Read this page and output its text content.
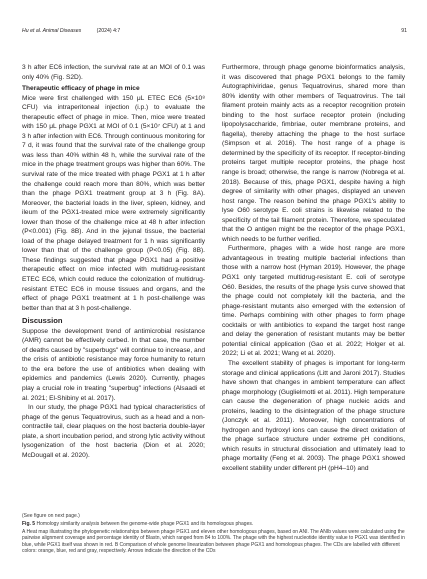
Hu et al. Animal Diseases	(2024) 4:7	91

3 h after EC6 infection, the survival rate at an MOI of 0.1 was only 40% (Fig. S2D).

Therapeutic efficacy of phage in mice

Mice were first challenged with 150 μL ETEC EC6 (5×10⁸ CFU) via intraperitoneal injection (i.p.) to evaluate the therapeutic effect of phage in mice. Then, mice were treated with 150 μL phage PGX1 at MOI of 0.1 (5×10⁷ CFU) at 1 and 3 h after infection with EC6. Through continuous monitoring for 7 d, it was found that the survival rate of the challenge group was less than 40% within 48 h, while the survival rate of the mice in the phage treatment groups was higher than 60%. The survival rate of the mice treated with phage PGX1 at 1 h after the challenge could reach more than 80%, which was better than the phage PGX1 treatment group at 3 h (Fig. 8A). Moreover, the bacterial loads in the liver, spleen, kidney, and ileum of the PGX1-treated mice were extremely significantly lower than those of the challenge mice at 48 h after infection (P<0.001) (Fig. 8B). And in the jejunal tissue, the bacterial load of the phage delayed treatment for 1 h was significantly lower than that of the challenge group (P<0.05) (Fig. 8B). These findings suggested that phage PGX1 had a positive therapeutic effect on mice infected with multidrug-resistant ETEC EC6, which could reduce the colonization of multidrug-resistant ETEC EC6 in mouse tissues and organs, and the effect of phage PGX1 treatment at 1 h post-challenge was better than that at 3 h post-challenge.

Discussion

Suppose the development trend of antimicrobial resistance (AMR) cannot be effectively curbed. In that case, the number of deaths caused by "superbugs" will continue to increase, and the crisis of antibiotic resistance may force humanity to return to the era before the use of antibiotics when dealing with epidemics and pandemics (Lewis 2020). Currently, phages play a crucial role in treating "superbug" infections (Alsaadi et al. 2021; El-Shibiny et al. 2017).

In our study, the phage PGX1 had typical characteristics of phage of the genus Tequatrovirus, such as a head and a non-contractile tail, clear plaques on the host bacteria double-layer plate, a short incubation period, and strong lytic activity without lysogenization of the host bacteria (Dion et al. 2020; McDougall et al. 2020).

Furthermore, through phage genome bioinformatics analysis, it was discovered that phage PGX1 belongs to the family Autographiviridae, genus Tequatrovirus, shared more than 80% identity with other members of Tequatrovirus. The tail filament protein mainly acts as a receptor recognition protein binding to the host surface receptor protein (including lipopolysaccharide, fimbriae, outer membrane proteins, and flagella), thereby attaching the phage to the host surface (Simpson et al. 2016). The host range of a phage is determined by the specificity of its receptor. If receptor-binding proteins target multiple receptor proteins, the phage host range is broad; otherwise, the range is narrow (Nobrega et al. 2018). Because of this, phage PGX1, despite having a high degree of similarity with other phages, displayed an uneven host range. The reason behind the phage PGX1's ability to lyse O60 serotype E. coli strains is likewise related to the specificity of the tail filament protein. Therefore, we speculated that the O antigen might be the receptor of the phage PGX1, which needs to be further verified.

Furthermore, phages with a wide host range are more advantageous in treating multiple bacterial infections than those with a narrow host (Hyman 2019). However, the phage PGX1 only targeted multidrug-resistant E. coli of serotype O60. Besides, the results of the phage lysis curve showed that the phage could not completely kill the bacteria, and the phage-resistant mutants also emerged with the extension of time. Perhaps combining with other phages to form phage cocktails or with antibiotics to expand the target host range and delay the generation of resistant mutants may be better potential clinical application (Gao et al. 2022; Holger et al. 2022; Li et al. 2021; Wang et al. 2020).

The excellent stability of phages is important for long-term storage and clinical applications (Litt and Jaroni 2017). Studies have shown that changes in ambient temperature can affect phage morphology (Guglielmotti et al. 2011). High temperature can cause the degeneration of phage nucleic acids and proteins, leading to the disintegration of the phage structure (Jonczyk et al. 2011). Moreover, high concentrations of hydrogen and hydroxyl ions can cause the direct oxidation of the phage surface structure under extreme pH conditions, which results in structural dissociation and ultimately lead to phage mortality (Feng et al. 2003). The phage PGX1 showed excellent stability under different pH (pH4–10) and

(See figure on next page.)

Fig. 5 Homology similarity analysis between the genome-wide phage PGX1 and its homologous phages.

A Heat map illustrating the phylogenetic relationships between phage PGX1 and eleven other homologous phages, based on ANI. The ANIb values were calculated using the pairwise alignment coverage and percentage identity of Blastn, which ranged from 84 to 100%. The phage with the highest nucleotide identity value to PGX1 was identified in blue, while PGX1 itself was shown in red. B Comparison of whole genome linearization between phage PGX1 and homologous phages. The CDs are labelled with different colors: orange, blue, red and gray, respectively. Arrows indicate the direction of the CDs
